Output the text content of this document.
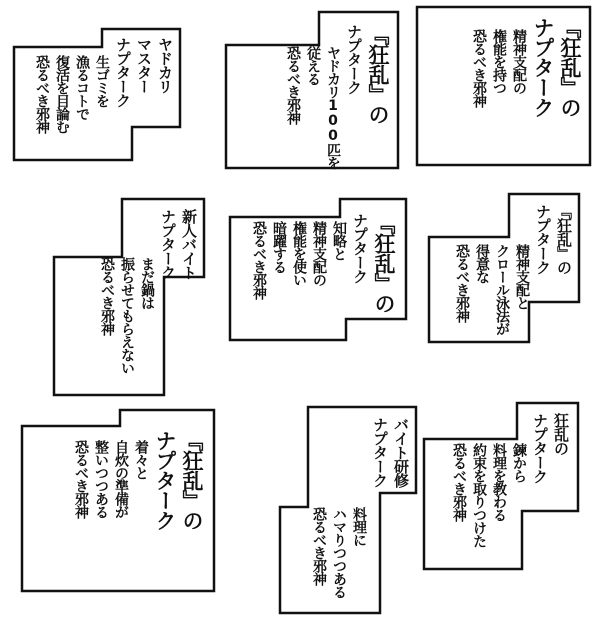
ヤドカリ
マスター
ナプターク
生ゴミを
漁るコトで
復活を目論む
恐るべき邪神	『狂乱』の
ナプターク
ヤドカリ100匹を
従える
恐るべき邪神	『狂乱』の
ナプターク
精神支配の
権能を持つ
恐るべき邪神
新人バイト
ナプターク
まだ鍋は
振らせてもらえない
恐るべき邪神	『狂乱』の
ナプターク
知略と
精神支配の
権能を使い
暗躍する
恐るべき邪神	『狂乱』の
ナプターク
精神支配と
クロール泳法が
得意な
恐るべき邪神
『狂乱』の
ナプターク
着々と
自炊の準備が
整いつつある
恐るべき邪神	バイト研修
ナプターク
料理に
ハマりつつある
恐るべき邪神
狂乱の
ナプターク
鍊から
料理を教わる
約束を取りつけた
恐るべき邪神
